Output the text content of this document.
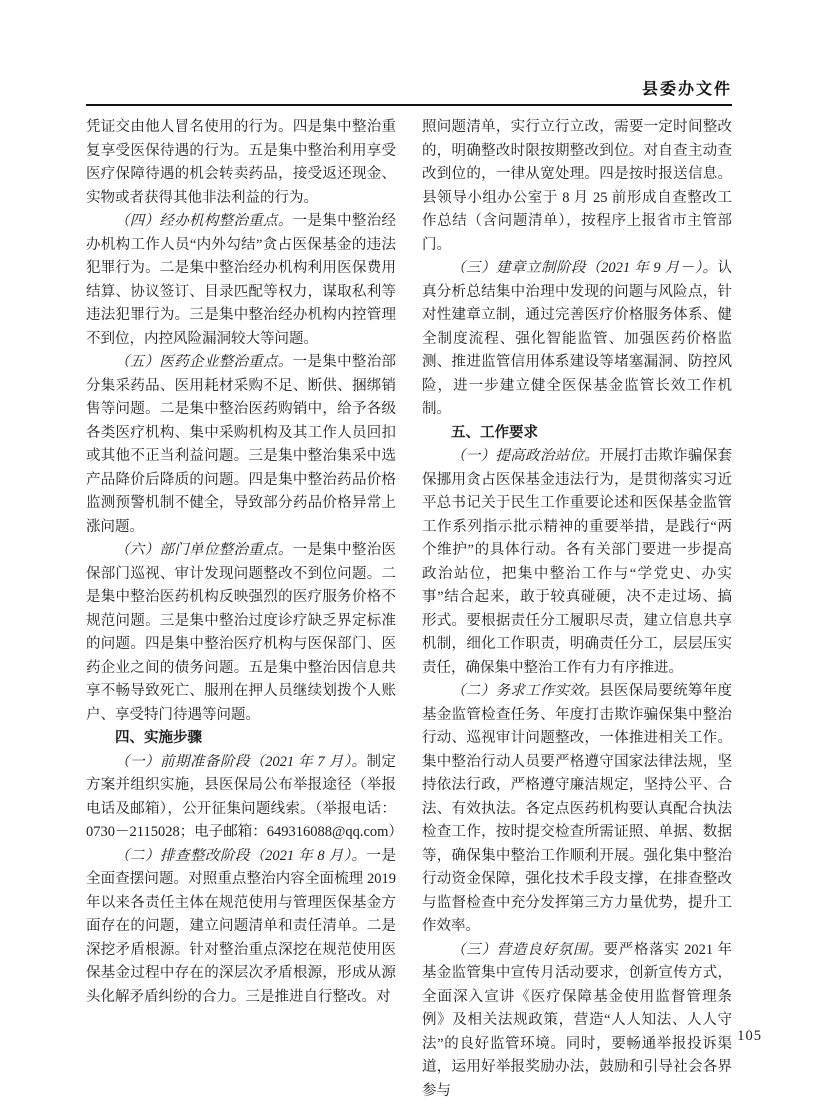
县委办文件

凭证交由他人冒名使用的行为。四是集中整治重复享受医保待遇的行为。五是集中整治利用享受医疗保障待遇的机会转卖药品，接受返还现金、实物或者获得其他非法利益的行为。

（四）经办机构整治重点。一是集中整治经办机构工作人员“内外勾结”贪占医保基金的违法犯罪行为。二是集中整治经办机构利用医保费用结算、协议签订、目录匹配等权力，谋取私利等违法犯罪行为。三是集中整治经办机构内控管理不到位，内控风险漏洞较大等问题。

（五）医药企业整治重点。一是集中整治部分集采药品、医用耗材采购不足、断供、捆绑销售等问题。二是集中整治医药购销中，给予各级各类医疗机构、集中采购机构及其工作人员回扣或其他不正当利益问题。三是集中整治集采中选产品降价后降质的问题。四是集中整治药品价格监测预警机制不健全，导致部分药品价格异常上涨问题。

（六）部门单位整治重点。一是集中整治医保部门巡视、审计发现问题整改不到位问题。二是集中整治医药机构反映强烈的医疗服务价格不规范问题。三是集中整治过度诊疗缺乏界定标准的问题。四是集中整治医疗机构与医保部门、医药企业之间的债务问题。五是集中整治因信息共享不畅导致死亡、服刑在押人员继续划拨个人账户、享受特门待遇等问题。

四、实施步骤

（一）前期准备阶段（2021 年 7 月）。制定方案并组织实施，县医保局公布举报途径（举报电话及邮箱），公开征集问题线索。（举报电话：0730－2115028；电子邮箱：649316088@qq.com）

（二）排查整改阶段（2021 年 8 月）。一是全面查摆问题。对照重点整治内容全面梳理 2019 年以来各责任主体在规范使用与管理医保基金方面存在的问题，建立问题清单和责任清单。二是深挖矛盾根源。针对整治重点深挖在规范使用医保基金过程中存在的深层次矛盾根源，形成从源头化解矛盾纠纷的合力。三是推进自行整改。对

照问题清单，实行立行立改，需要一定时间整改的，明确整改时限按期整改到位。对自查主动查改到位的，一律从宽处理。四是按时报送信息。县领导小组办公室于 8 月 25 前形成自查整改工作总结（含问题清单），按程序上报省市主管部门。

（三）建章立制阶段（2021 年 9 月－）。认真分析总结集中治理中发现的问题与风险点，针对性建章立制，通过完善医疗价格服务体系、健全制度流程、强化智能监管、加强医药价格监测、推进监管信用体系建设等堵塞漏洞、防控风险，进一步建立健全医保基金监管长效工作机制。

五、工作要求

（一）提高政治站位。开展打击欺诈骗保套保挪用贪占医保基金违法行为，是贯彻落实习近平总书记关于民生工作重要论述和医保基金监管工作系列指示批示精神的重要举措，是践行“两个维护”的具体行动。各有关部门要进一步提高政治站位，把集中整治工作与“学党史、办实事”结合起来，敢于较真碰硬，决不走过场、搞形式。要根据责任分工履职尽责，建立信息共享机制，细化工作职责，明确责任分工，层层压实责任，确保集中整治工作有力有序推进。

（二）务求工作实效。县医保局要统筹年度基金监管检查任务、年度打击欺诈骗保集中整治行动、巡视审计问题整改，一体推进相关工作。集中整治行动人员要严格遵守国家法律法规，坚持依法行政，严格遵守廉洁规定，坚持公平、合法、有效执法。各定点医药机构要认真配合执法检查工作，按时提交检查所需证照、单据、数据等，确保集中整治工作顺利开展。强化集中整治行动资金保障，强化技术手段支撑，在排查整改与监督检查中充分发挥第三方力量优势，提升工作效率。

（三）营造良好氛围。要严格落实 2021 年基金监管集中宣传月活动要求，创新宣传方式，全面深入宣讲《医疗保障基金使用监督管理条例》及相关法规政策，营造“人人知法、人人守法”的良好监管环境。同时，要畅通举报投诉渠道，运用好举报奖励办法，鼓励和引导社会各界参与

105
